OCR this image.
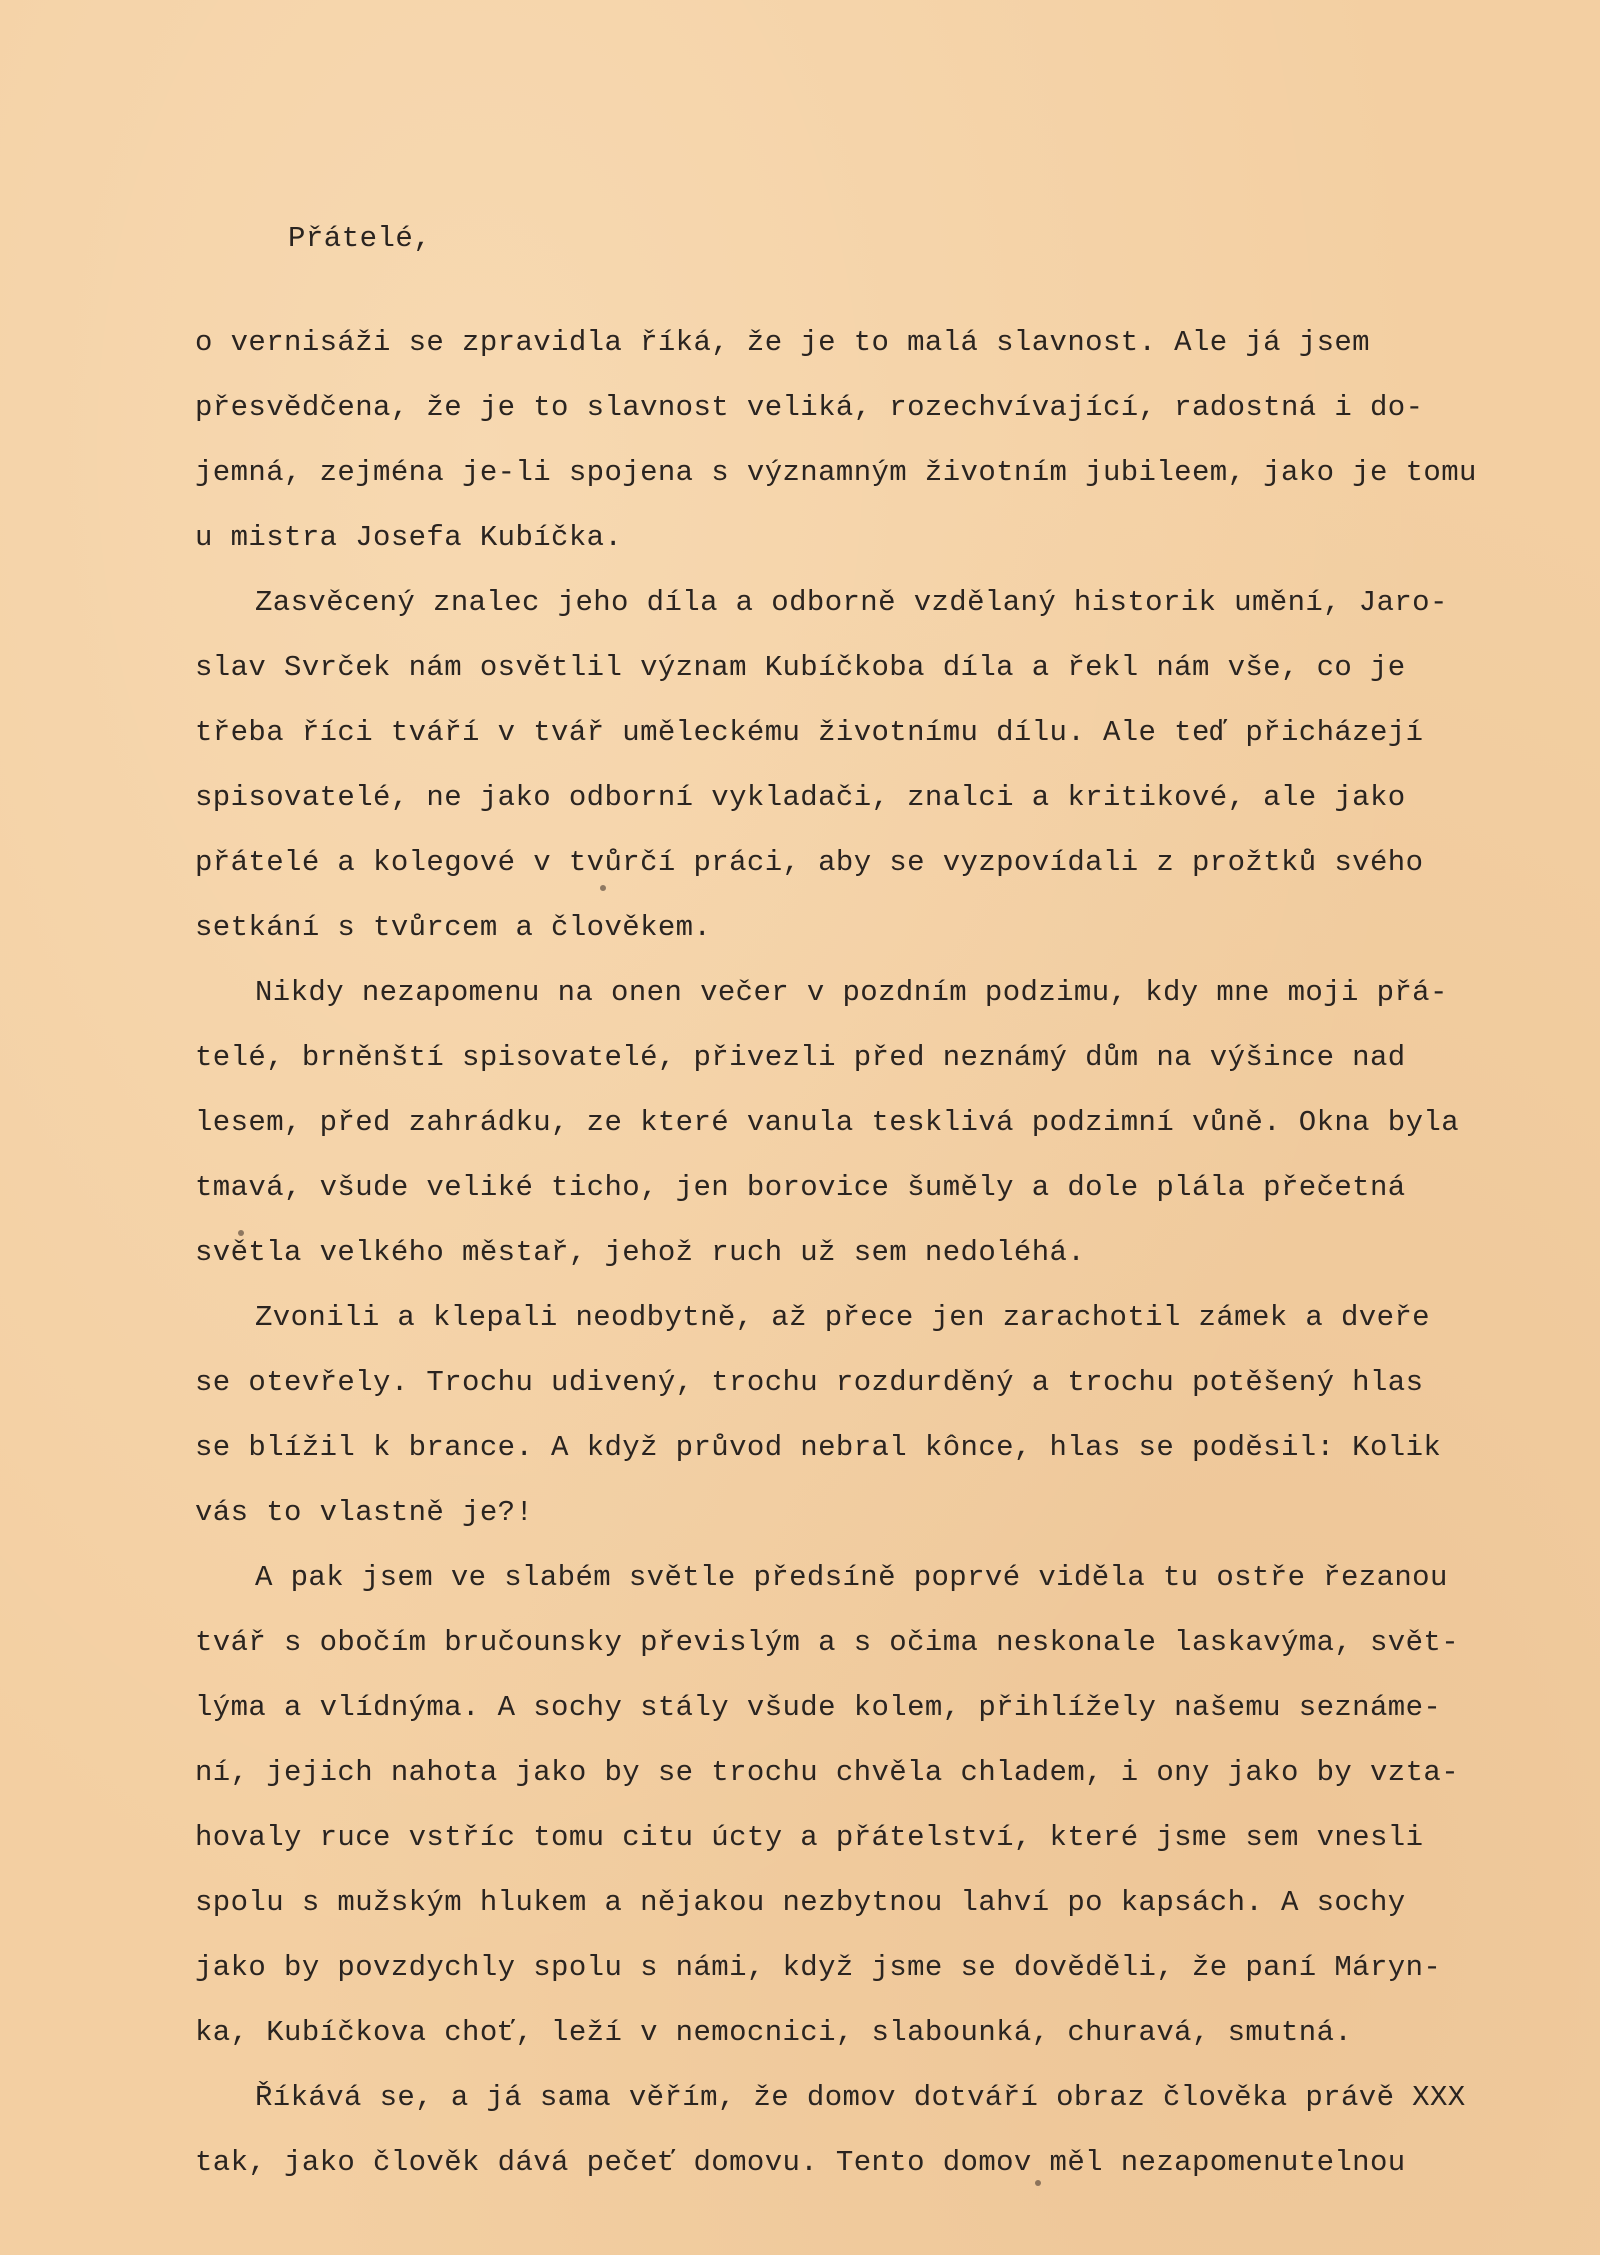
Přátelé,
o vernisáži se zpravidla říká, že je to malá slavnost. Ale já jsem
přesvědčena, že je to slavnost veliká, rozechvívající, radostná i do-
jemná, zejména je-li spojena s významným životním jubileem, jako je tomu
u mistra Josefa Kubíčka.
Zasvěcený znalec jeho díla a odborně vzdělaný historik umění, Jaro-
slav Svrček nám osvětlil význam Kubíčkoba díla a řekl nám vše, co je
třeba říci tváří v tvář uměleckému životnímu dílu. Ale teď přicházejí
spisovatelé, ne jako odborní vykladači, znalci a kritikové, ale jako
přátelé a kolegové v tvůrčí práci, aby se vyzpovídali z prožtků svého
setkání s tvůrcem a člověkem.
Nikdy nezapomenu na onen večer v pozdním podzimu, kdy mne moji přá-
telé, brněnští spisovatelé, přivezli před neznámý dům na výšince nad
lesem, před zahrádku, ze které vanula tesklivá podzimní vůně. Okna byla
tmavá, všude veliké ticho, jen borovice šuměly a dole plála přečetná
světla velkého městař, jehož ruch už sem nedoléhá.
Zvonili a klepali neodbytně, až přece jen zarachotil zámek a dveře
se otevřely. Trochu udivený, trochu rozdurděný a trochu potěšený hlas
se blížil k brance. A když průvod nebral kônce, hlas se poděsil: Kolik
vás to vlastně je?!
A pak jsem ve slabém světle předsíně poprvé viděla tu ostře řezanou
tvář s obočím bručounsky převislým a s očima neskonale laskavýma, svět-
lýma a vlídnýma. A sochy stály všude kolem, přihlížely našemu seznáme-
ní, jejich nahota jako by se trochu chvěla chladem, i ony jako by vzta-
hovaly ruce vstříc tomu citu úcty a přátelství, které jsme sem vnesli
spolu s mužským hlukem a nějakou nezbytnou lahví po kapsách. A sochy
jako by povzdychly spolu s námi, když jsme se dověděli, že paní Máryn-
ka, Kubíčkova choť, leží v nemocnici, slabounká, churavá, smutná.
Říkává se, a já sama věřím, že domov dotváří obraz člověka právě XXX
tak, jako člověk dává pečeť domovu. Tento domov měl nezapomenutelnou
